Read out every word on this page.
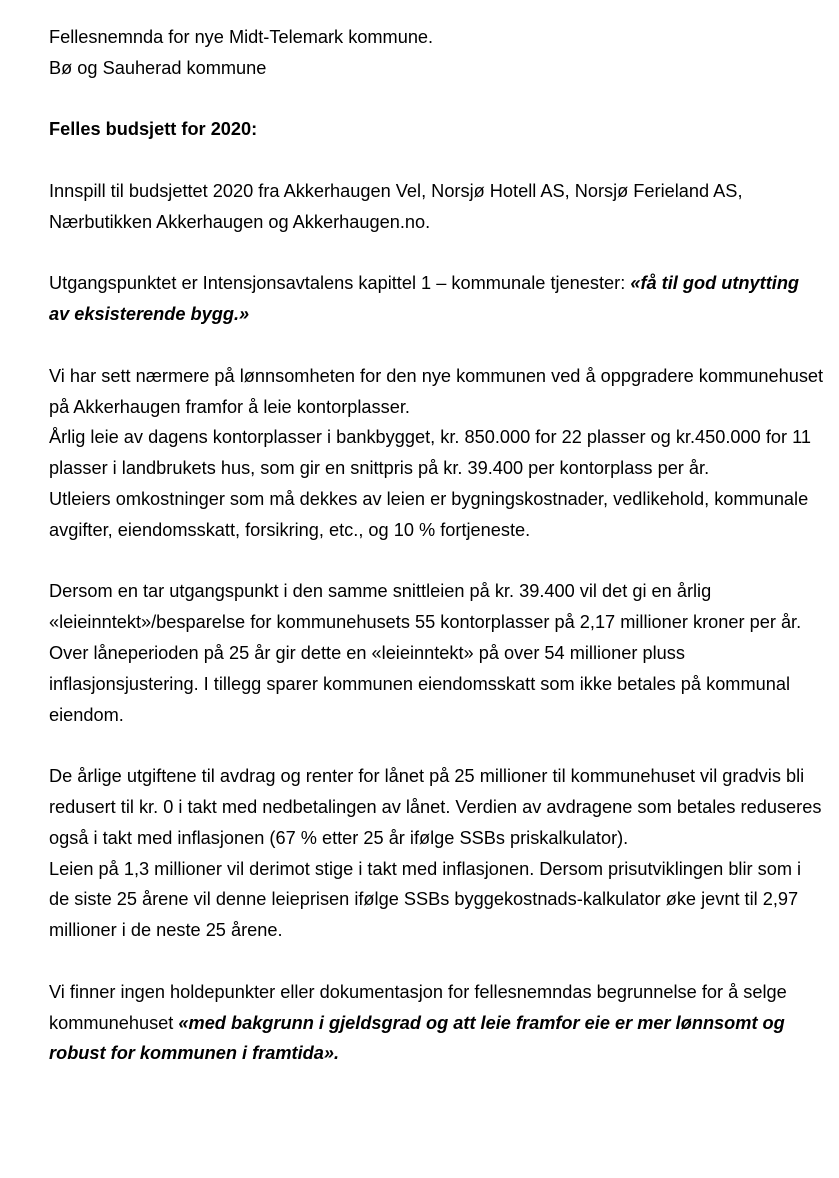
Fellesnemnda for nye Midt-Telemark kommune.

Bø og Sauherad kommune

Felles budsjett for 2020:

Innspill til budsjettet 2020 fra Akkerhaugen Vel, Norsjø Hotell AS, Norsjø Ferieland AS, Nærbutikken Akkerhaugen og Akkerhaugen.no.

Utgangspunktet er Intensjonsavtalens kapittel 1 – kommunale tjenester: «få til god utnytting av eksisterende bygg.»

Vi har sett nærmere på lønnsomheten for den nye kommunen ved å oppgradere kommunehuset på Akkerhaugen framfor å leie kontorplasser.

Årlig leie av dagens kontorplasser i bankbygget, kr. 850.000 for 22 plasser og kr.450.000 for 11 plasser i landbrukets hus, som gir en snittpris på kr. 39.400 per kontorplass per år.

Utleiers omkostninger som må dekkes av leien er bygningskostnader, vedlikehold, kommunale avgifter, eiendomsskatt, forsikring, etc., og 10 % fortjeneste.

Dersom en tar utgangspunkt i den samme snittleien på kr. 39.400 vil det gi en årlig «leieinntekt»/besparelse for kommunehusets 55 kontorplasser på 2,17 millioner kroner per år.

Over låneperioden på 25 år gir dette en «leieinntekt» på over 54 millioner pluss inflasjonsjustering. I tillegg sparer kommunen eiendomsskatt som ikke betales på kommunal eiendom.

De årlige utgiftene til avdrag og renter for lånet på 25 millioner til kommunehuset vil gradvis bli redusert til kr. 0 i takt med nedbetalingen av lånet. Verdien av avdragene som betales reduseres også i takt med inflasjonen (67 % etter 25 år ifølge SSBs priskalkulator).

Leien på 1,3 millioner vil derimot stige i takt med inflasjonen. Dersom prisutviklingen blir som i de siste 25 årene vil denne leieprisen ifølge SSBs byggekostnads-kalkulator øke jevnt til 2,97 millioner i de neste 25 årene.

Vi finner ingen holdepunkter eller dokumentasjon for fellesnemndas begrunnelse for å selge kommunehuset «med bakgrunn i gjeldsgrad og att leie framfor eie er mer lønnsomt og robust for kommunen i framtida».
